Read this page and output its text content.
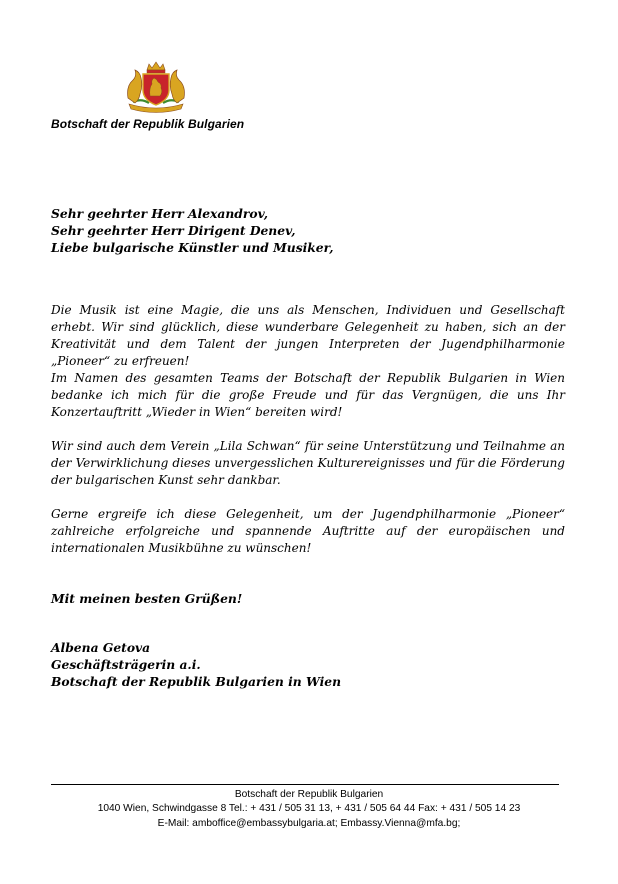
Botschaft der Republik Bulgarien
Sehr geehrter Herr Alexandrov,
Sehr geehrter Herr Dirigent Denev,
Liebe bulgarische Künstler und Musiker,
Die Musik ist eine Magie, die uns als Menschen, Individuen und Gesellschaft erhebt. Wir sind glücklich, diese wunderbare Gelegenheit zu haben, sich an der Kreativität und dem Talent der jungen Interpreten der Jugendphilharmonie „Pioneer“ zu erfreuen!
Im Namen des gesamten Teams der Botschaft der Republik Bulgarien in Wien bedanke ich mich für die große Freude und für das Vergnügen, die uns Ihr Konzertauftritt „Wieder in Wien“ bereiten wird!
Wir sind auch dem Verein „Lila Schwan“ für seine Unterstützung und Teilnahme an der Verwirklichung dieses unvergesslichen Kulturereignisses und für die Förderung der bulgarischen Kunst sehr dankbar.
Gerne ergreife ich diese Gelegenheit, um der Jugendphilharmonie „Pioneer“ zahlreiche erfolgreiche und spannende Auftritte auf der europäischen und internationalen Musikbühne zu wünschen!
Mit meinen besten Grüßen!
Albena Getova
Geschäftsträgerin a.i.
Botschaft der Republik Bulgarien in Wien
Botschaft der Republik Bulgarien
1040 Wien, Schwindgasse 8 Tel.: + 431 / 505 31 13, + 431 / 505 64 44 Fax: + 431 / 505 14 23
E-Mail: amboffice@embassybulgaria.at; Embassy.Vienna@mfa.bg;
